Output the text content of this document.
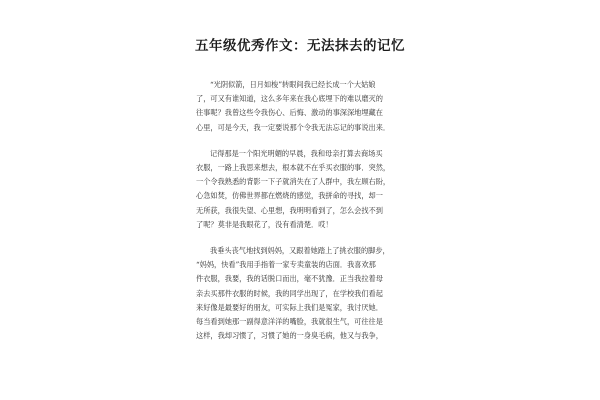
五年级优秀作文：无法抹去的记忆
“光阴似箭，日月如梭”转眼间我已经长成一个大姑娘
了，可又有谁知道，这么多年来在我心底埋下的难以磨灭的
往事呢？我曾这些令我伤心、后悔、激动的事深深地埋藏在
心里，可是今天，我一定要说那个令我无法忘记的事说出来．
记得那是一个阳光明媚的早晨，我和母亲打算去商场买
衣服，一路上我思来想去，根本就不在乎买衣服的事．突然，
一个令我熟悉的背影一下子就消失在了人群中，我左顾右盼，
心急如焚，仿佛世界都在燃烧的感觉，我拼命的寻找，却一
无所获，我很失望、心里想，我明明看到了，怎么会找不到
了呢？莫非是我眼花了，没有看清楚．哎！
我垂头丧气地找到妈妈，又跟着她踏上了挑衣服的脚步，
“妈妈，快看”我用手指着一家专卖童装的店面．我喜欢那
件衣服，我要，我的话脱口而出，毫不犹豫．正当我拉着母
亲去买那件衣服的时候，我的同学出现了，在学校我们看起
来好像是最要好的朋友，可实际上我们是冤家，我讨厌她．
每当看到她那一副得意洋洋的嘴脸，我就很生气，可往往是
这样，我却习惯了，习惯了她的一身臭毛病，他又与我争，
